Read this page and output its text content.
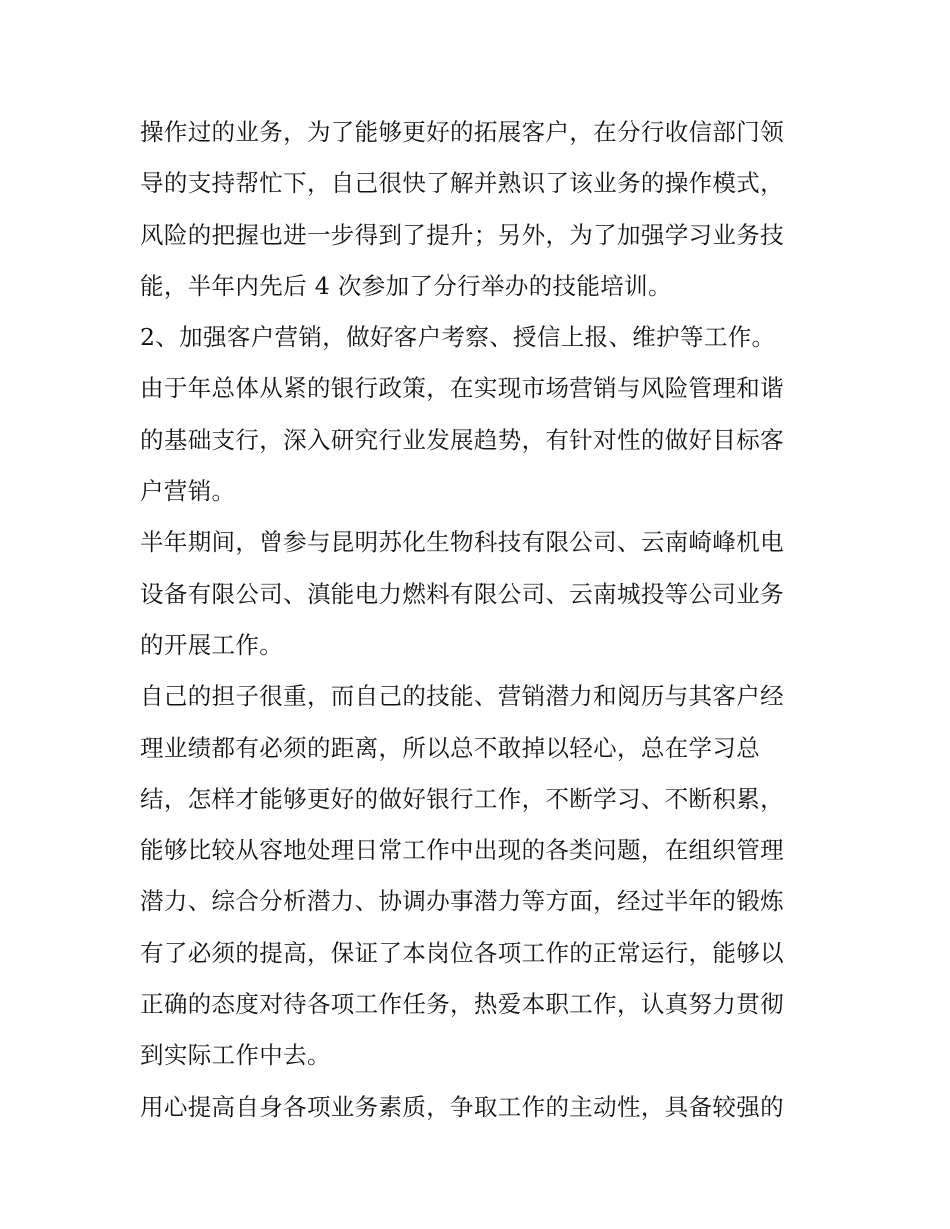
操作过的业务，为了能够更好的拓展客户，在分行收信部门领
导的支持帮忙下，自己很快了解并熟识了该业务的操作模式，
风险的把握也进一步得到了提升；另外，为了加强学习业务技
能，半年内先后 4 次参加了分行举办的技能培训。
2、加强客户营销，做好客户考察、授信上报、维护等工作。
由于年总体从紧的银行政策，在实现市场营销与风险管理和谐
的基础支行，深入研究行业发展趋势，有针对性的做好目标客
户营销。
半年期间，曾参与昆明苏化生物科技有限公司、云南崎峰机电
设备有限公司、滇能电力燃料有限公司、云南城投等公司业务
的开展工作。
自己的担子很重，而自己的技能、营销潜力和阅历与其客户经
理业绩都有必须的距离，所以总不敢掉以轻心，总在学习总
结，怎样才能够更好的做好银行工作，不断学习、不断积累，
能够比较从容地处理日常工作中出现的各类问题，在组织管理
潜力、综合分析潜力、协调办事潜力等方面，经过半年的锻炼
有了必须的提高，保证了本岗位各项工作的正常运行，能够以
正确的态度对待各项工作任务，热爱本职工作，认真努力贯彻
到实际工作中去。
用心提高自身各项业务素质，争取工作的主动性，具备较强的
